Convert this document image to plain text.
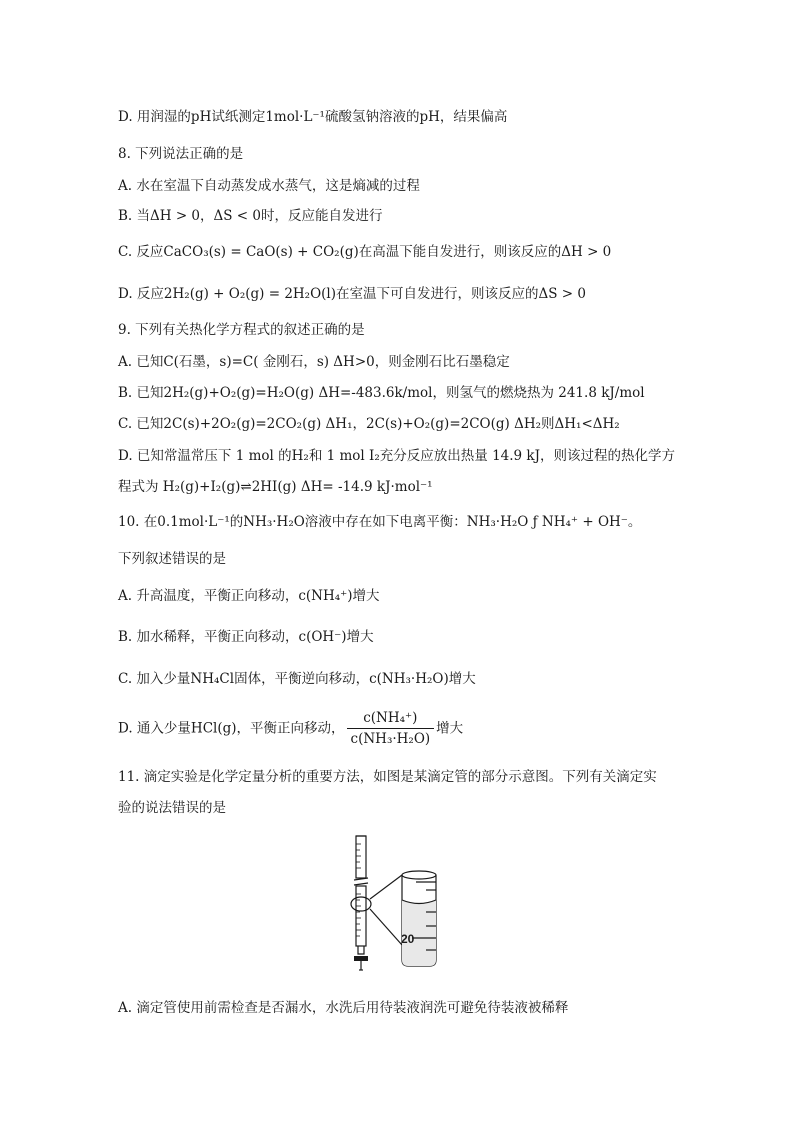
D. 用润湿的pH试纸测定1mol·L⁻¹硫酸氢钠溶液的pH，结果偏高
8. 下列说法正确的是
A. 水在室温下自动蒸发成水蒸气，这是熵减的过程
B. 当ΔH > 0，ΔS < 0时，反应能自发进行
C. 反应CaCO₃(s) = CaO(s) + CO₂(g)在高温下能自发进行，则该反应的ΔH > 0
D. 反应2H₂(g) + O₂(g) = 2H₂O(l)在室温下可自发进行，则该反应的ΔS > 0
9. 下列有关热化学方程式的叙述正确的是
A. 已知C(石墨，s)=C( 金刚石，s) ΔH>0，则金刚石比石墨稳定
B. 已知2H₂(g)+O₂(g)=H₂O(g) ΔH=-483.6k/mol，则氢气的燃烧热为 241.8 kJ/mol
C. 已知2C(s)+2O₂(g)=2CO₂(g) ΔH₁，2C(s)+O₂(g)=2CO(g) ΔH₂则ΔH₁<ΔH₂
D. 已知常温常压下 1 mol 的H₂和 1 mol I₂充分反应放出热量 14.9 kJ，则该过程的热化学方
程式为 H₂(g)+I₂(g)⇌2HI(g) ΔH= -14.9 kJ·mol⁻¹
10. 在0.1mol·L⁻¹的NH₃·H₂O溶液中存在如下电离平衡：NH₃·H₂O ƒ NH₄⁺ + OH⁻。
下列叙述错误的是
A. 升高温度，平衡正向移动，c(NH₄⁺)增大
B. 加水稀释，平衡正向移动，c(OH⁻)增大
C. 加入少量NH₄Cl固体，平衡逆向移动，c(NH₃·H₂O)增大
D. 通入少量HCl(g)，平衡正向移动， $\frac{\text{c(NH₄⁺)}}{\text{c(NH₃·H₂O)}}$ 增大
11. 滴定实验是化学定量分析的重要方法，如图是某滴定管的部分示意图。下列有关滴定实
验的说法错误的是
20
A. 滴定管使用前需检查是否漏水，水洗后用待装液润洗可避免待装液被稀释
